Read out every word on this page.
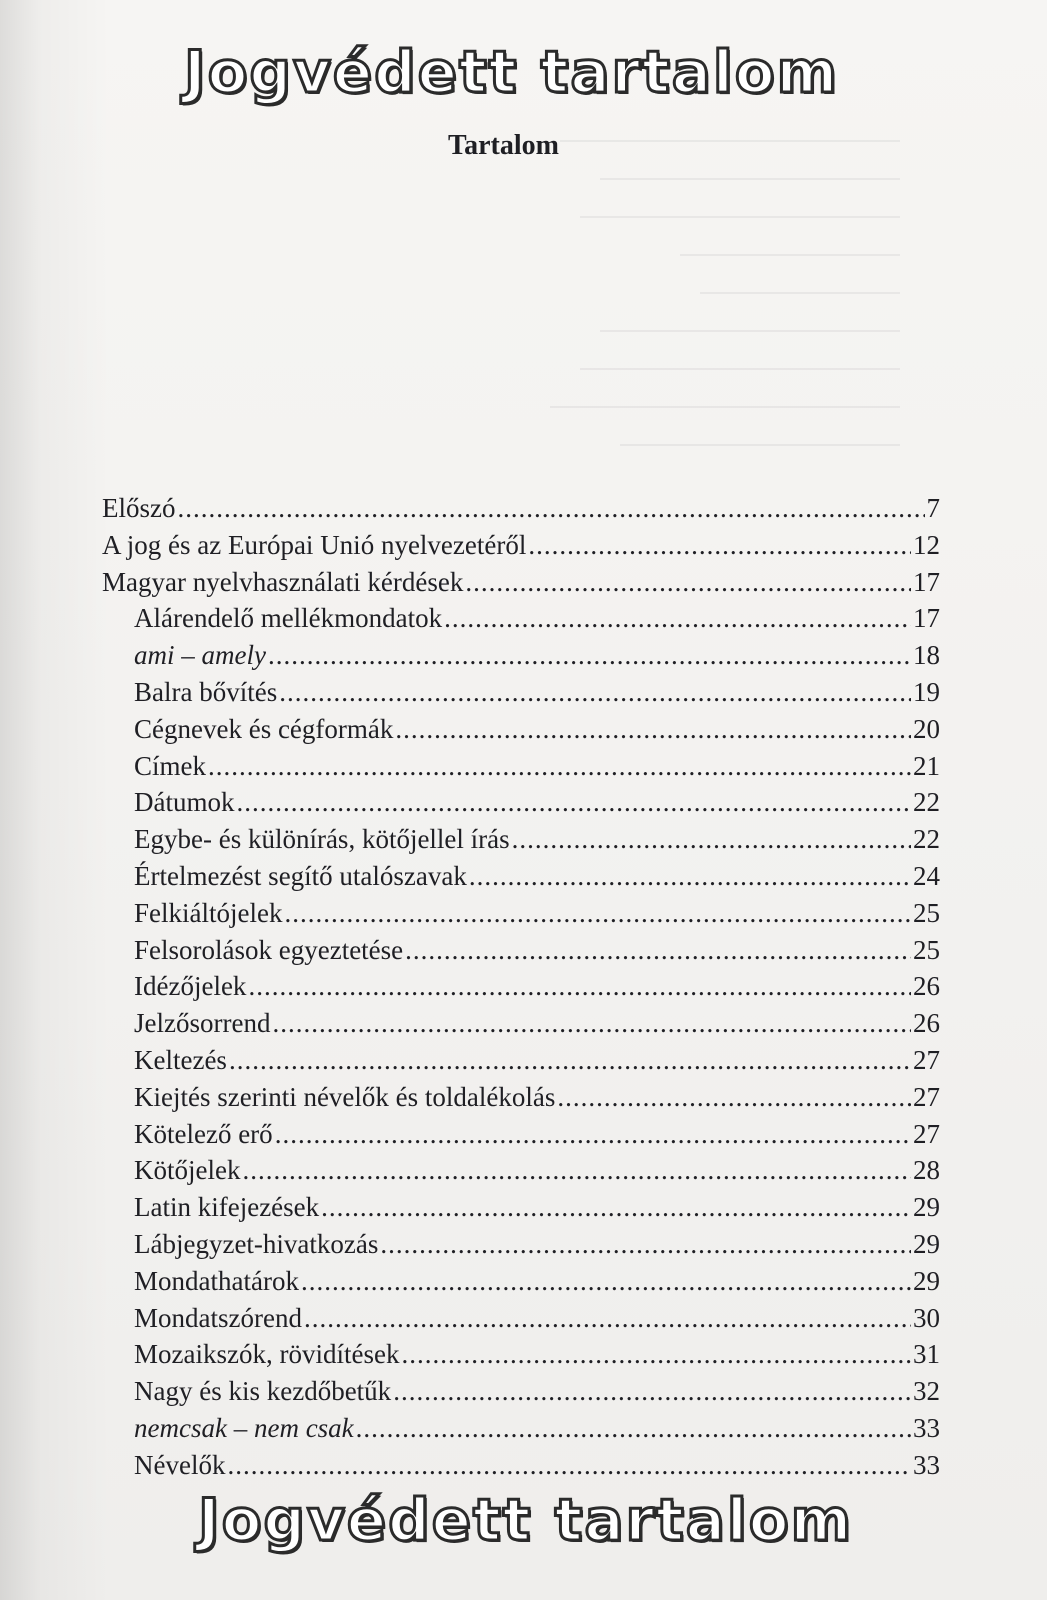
Jogvédett tartalom
Tartalom
Előszó .....	7
A jog és az Európai Unió nyelvezetéről .....	12
Magyar nyelvhasználati kérdések .....	17
Alárendelő mellékmondatok .....	17
ami – amely .....	18
Balra bővítés .....	19
Cégnevek és cégformák .....	20
Címek .....	21
Dátumok .....	22
Egybe- és különírás, kötőjellel írás .....	22
Értelmezést segítő utalószavak .....	24
Felkiáltójelek .....	25
Felsorolások egyeztetése .....	25
Idézőjelek .....	26
Jelzősorrend .....	26
Keltezés .....	27
Kiejtés szerinti névelők és toldalékolás .....	27
Kötelező erő .....	27
Kötőjelek .....	28
Latin kifejezések .....	29
Lábjegyzet-hivatkozás .....	29
Mondathatárok .....	29
Mondatszórend .....	30
Mozaikszók, rövidítések .....	31
Nagy és kis kezdőbetűk .....	32
nemcsak – nem csak .....	33
Névelők .....	33
Jogvédett tartalom
